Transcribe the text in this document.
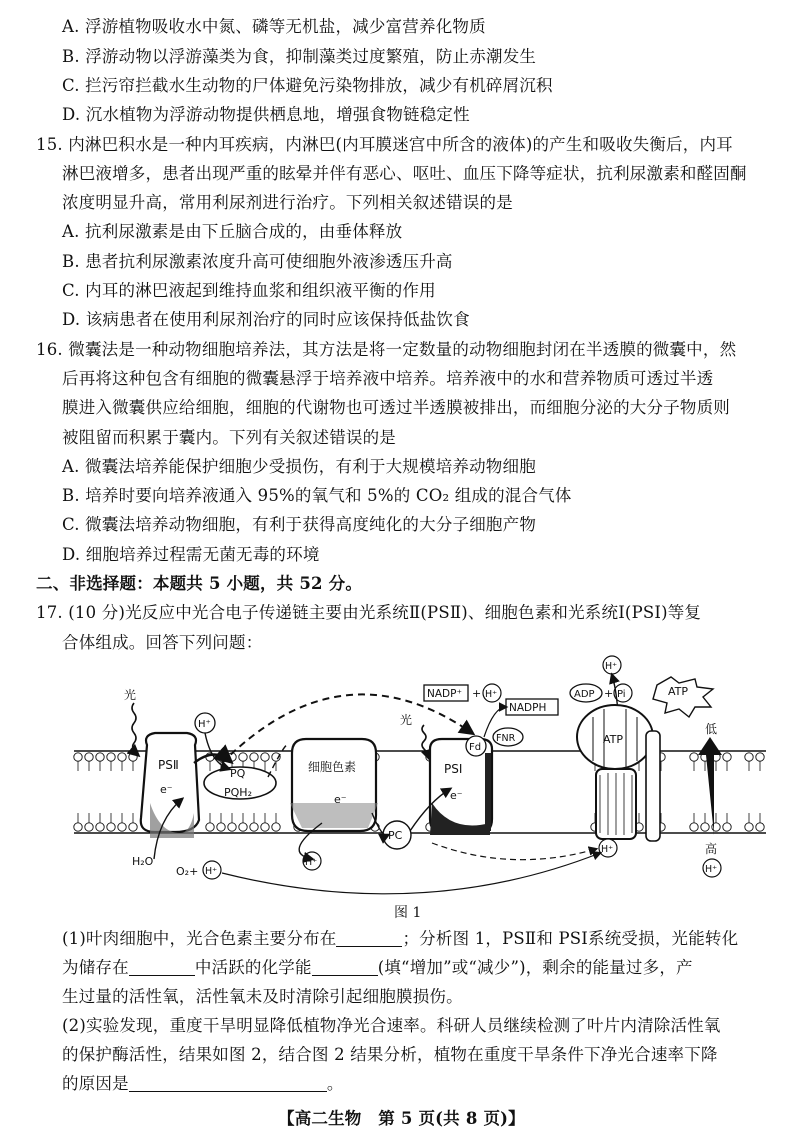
A. 浮游植物吸收水中氮、磷等无机盐，减少富营养化物质
B. 浮游动物以浮游藻类为食，抑制藻类过度繁殖，防止赤潮发生
C. 拦污帘拦截水生动物的尸体避免污染物排放，减少有机碎屑沉积
D. 沉水植物为浮游动物提供栖息地，增强食物链稳定性
15. 内淋巴积水是一种内耳疾病，内淋巴(内耳膜迷宫中所含的液体)的产生和吸收失衡后，内耳
淋巴液增多，患者出现严重的眩晕并伴有恶心、呕吐、血压下降等症状，抗利尿激素和醛固酮
浓度明显升高，常用利尿剂进行治疗。下列相关叙述错误的是
A. 抗利尿激素是由下丘脑合成的，由垂体释放
B. 患者抗利尿激素浓度升高可使细胞外液渗透压升高
C. 内耳的淋巴液起到维持血浆和组织液平衡的作用
D. 该病患者在使用利尿剂治疗的同时应该保持低盐饮食
16. 微囊法是一种动物细胞培养法，其方法是将一定数量的动物细胞封闭在半透膜的微囊中，然
后再将这种包含有细胞的微囊悬浮于培养液中培养。培养液中的水和营养物质可透过半透
膜进入微囊供应给细胞，细胞的代谢物也可透过半透膜被排出，而细胞分泌的大分子物质则
被阻留而积累于囊内。下列有关叙述错误的是
A. 微囊法培养能保护细胞少受损伤，有利于大规模培养动物细胞
B. 培养时要向培养液通入 95%的氧气和 5%的 CO₂ 组成的混合气体
C. 微囊法培养动物细胞，有利于获得高度纯化的大分子细胞产物
D. 细胞培养过程需无菌无毒的环境
二、非选择题：本题共 5 小题，共 52 分。
17. (10 分)光反应中光合电子传递链主要由光系统Ⅱ(PSⅡ)、细胞色素和光系统Ⅰ(PSⅠ)等复
合体组成。回答下列问题：
光
光
H⁺
PSⅡ
e⁻
PQ
PQH₂
细胞色素
e⁻
PC
PSⅠ
e⁻
Fd
FNR
NADP⁺ + H⁺
NADPH
ADP + Pi	ATP
H⁺
ATP
低
高
H⁺
H₂O
O₂+ H⁺
H⁺
H⁺
图 1
(1)叶肉细胞中，光合色素主要分布在	；分析图 1，PSⅡ和 PSⅠ系统受损，光能转化
为储存在	中活跃的化学能	(填“增加”或“减少”)，剩余的能量过多，产
生过量的活性氧，活性氧未及时清除引起细胞膜损伤。
(2)实验发现，重度干旱明显降低植物净光合速率。科研人员继续检测了叶片内清除活性氧
的保护酶活性，结果如图 2，结合图 2 结果分析，植物在重度干旱条件下净光合速率下降
的原因是	。
【高二生物　第 5 页(共 8 页)】
